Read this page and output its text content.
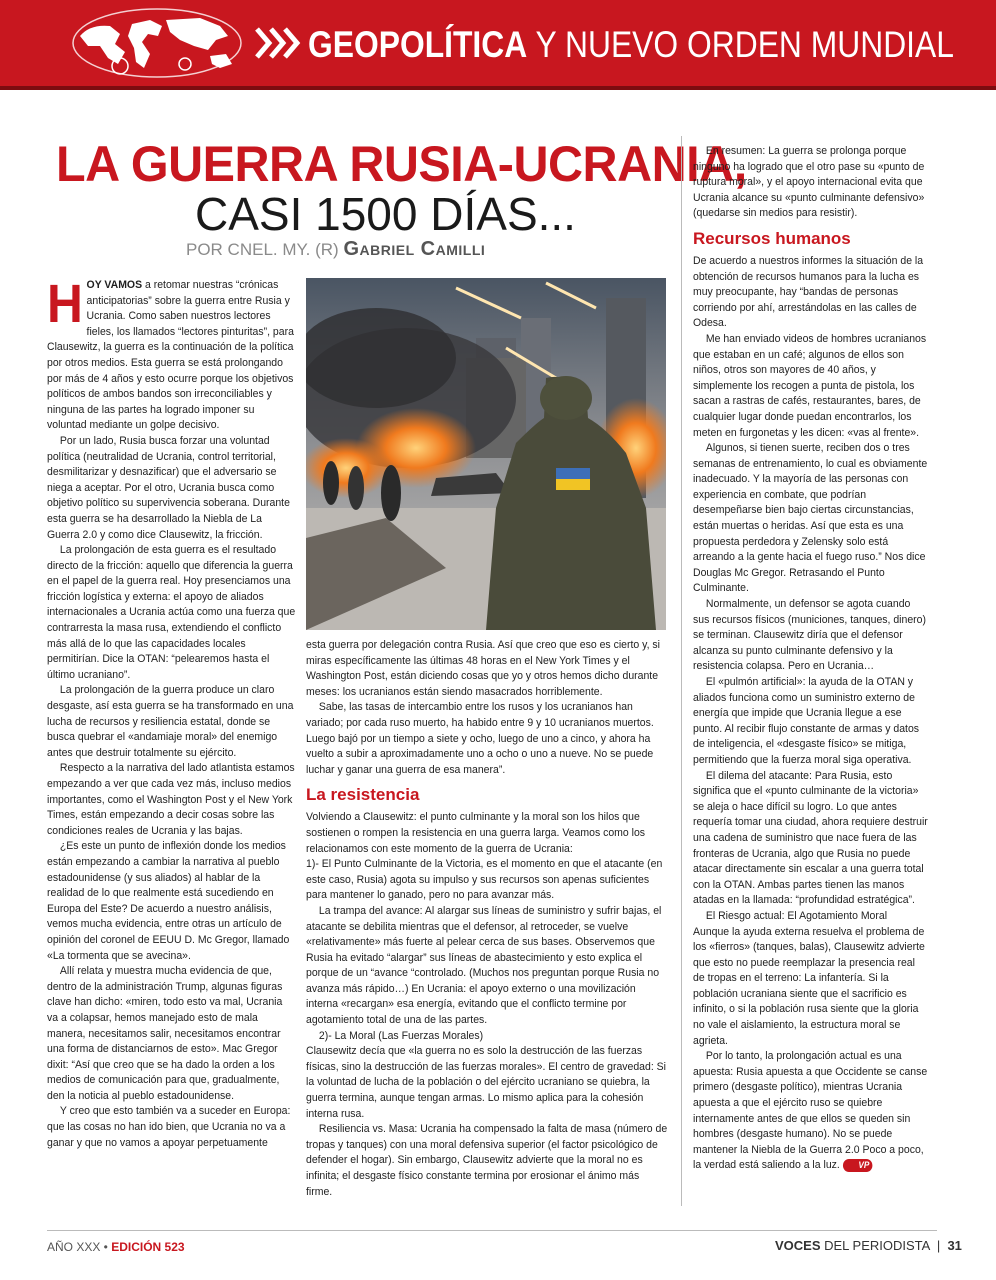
GEOPOLÍTICA Y NUEVO ORDEN MUNDIAL
LA GUERRA RUSIA-UCRANIA,
CASI 1500 DÍAS...
POR CNEL. MY. (R) Gabriel Camilli

HOY VAMOS a retomar nuestras “crónicas anticipatorias” sobre la guerra entre Rusia y Ucrania. Como saben nuestros lectores fieles, los llamados “lectores pinturitas”, para Clausewitz, la guerra es la continuación de la política por otros medios. Esta guerra se está prolongando por más de 4 años y esto ocurre porque los objetivos políticos de ambos bandos son irreconciliables y ninguna de las partes ha logrado imponer su voluntad mediante un golpe decisivo.

Por un lado, Rusia busca forzar una voluntad política (neutralidad de Ucrania, control territorial, desmilitarizar y desnazificar) que el adversario se niega a aceptar. Por el otro, Ucrania busca como objetivo político su supervivencia soberana. Durante esta guerra se ha desarrollado la Niebla de La Guerra 2.0 y como dice Clausewitz, la fricción.

La prolongación de esta guerra es el resultado directo de la fricción: aquello que diferencia la guerra en el papel de la guerra real. Hoy presenciamos una fricción logística y externa: el apoyo de aliados internacionales a Ucrania actúa como una fuerza que contrarresta la masa rusa, extendiendo el conflicto más allá de lo que las capacidades locales permitirían. Dice la OTAN: “pelearemos hasta el último ucraniano”.

La prolongación de la guerra produce un claro desgaste, así esta guerra se ha transformado en una lucha de recursos y resiliencia estatal, donde se busca quebrar el «andamiaje moral» del enemigo antes que destruir totalmente su ejército.

Respecto a la narrativa del lado atlantista estamos empezando a ver que cada vez más, incluso medios importantes, como el Washington Post y el New York Times, están empezando a decir cosas sobre las condiciones reales de Ucrania y las bajas.

¿Es este un punto de inflexión donde los medios están empezando a cambiar la narrativa al pueblo estadounidense (y sus aliados) al hablar de la realidad de lo que realmente está sucediendo en Europa del Este? De acuerdo a nuestro análisis, vemos mucha evidencia, entre otras un artículo de opinión del coronel de EEUU D. Mc Gregor, llamado «La tormenta que se avecina».

Allí relata y muestra mucha evidencia de que, dentro de la administración Trump, algunas figuras clave han dicho: «miren, todo esto va mal, Ucrania va a colapsar, hemos manejado esto de mala manera, necesitamos salir, necesitamos encontrar una forma de distanciarnos de esto». Mac Gregor dixit: “Así que creo que se ha dado la orden a los medios de comunicación para que, gradualmente, den la noticia al pueblo estadounidense.

Y creo que esto también va a suceder en Europa: que las cosas no han ido bien, que Ucrania no va a ganar y que no vamos a apoyar perpetuamente

esta guerra por delegación contra Rusia. Así que creo que eso es cierto y, si miras específicamente las últimas 48 horas en el New York Times y el Washington Post, están diciendo cosas que yo y otros hemos dicho durante meses: los ucranianos están siendo masacrados horriblemente.

Sabe, las tasas de intercambio entre los rusos y los ucranianos han variado; por cada ruso muerto, ha habido entre 9 y 10 ucranianos muertos. Luego bajó por un tiempo a siete y ocho, luego de uno a cinco, y ahora ha vuelto a subir a aproximadamente uno a ocho o uno a nueve. No se puede luchar y ganar una guerra de esa manera”.

La resistencia

Volviendo a Clausewitz: el punto culminante y la moral son los hilos que sostienen o rompen la resistencia en una guerra larga. Veamos como los relacionamos con este momento de la guerra de Ucrania:

1)- El Punto Culminante de la Victoria, es el momento en que el atacante (en este caso, Rusia) agota su impulso y sus recursos son apenas suficientes para mantener lo ganado, pero no para avanzar más.

La trampa del avance: Al alargar sus líneas de suministro y sufrir bajas, el atacante se debilita mientras que el defensor, al retroceder, se vuelve «relativamente» más fuerte al pelear cerca de sus bases. Observemos que Rusia ha evitado “alargar” sus líneas de abastecimiento y esto explica el porque de un “avance “controlado. (Muchos nos preguntan porque Rusia no avanza más rápido…) En Ucrania: el apoyo externo o una movilización interna «recargan» esa energía, evitando que el conflicto termine por agotamiento total de una de las partes.

2)- La Moral (Las Fuerzas Morales)

Clausewitz decía que «la guerra no es solo la destrucción de las fuerzas físicas, sino la destrucción de las fuerzas morales». El centro de gravedad: Si la voluntad de lucha de la población o del ejército ucraniano se quiebra, la guerra termina, aunque tengan armas. Lo mismo aplica para la cohesión interna rusa.

Resiliencia vs. Masa: Ucrania ha compensado la falta de masa (número de tropas y tanques) con una moral defensiva superior (el factor psicológico de defender el hogar). Sin embargo, Clausewitz advierte que la moral no es infinita; el desgaste físico constante termina por erosionar el ánimo más firme.

En resumen: La guerra se prolonga porque ninguno ha logrado que el otro pase su «punto de ruptura moral», y el apoyo internacional evita que Ucrania alcance su «punto culminante defensivo» (quedarse sin medios para resistir).

Recursos humanos

De acuerdo a nuestros informes la situación de la obtención de recursos humanos para la lucha es muy preocupante, hay “bandas de personas corriendo por ahí, arrestándolas en las calles de Odesa.

Me han enviado videos de hombres ucranianos que estaban en un café; algunos de ellos son niños, otros son mayores de 40 años, y simplemente los recogen a punta de pistola, los sacan a rastras de cafés, restaurantes, bares, de cualquier lugar donde puedan encontrarlos, los meten en furgonetas y les dicen: «vas al frente».

Algunos, si tienen suerte, reciben dos o tres semanas de entrenamiento, lo cual es obviamente inadecuado. Y la mayoría de las personas con experiencia en combate, que podrían desempeñarse bien bajo ciertas circunstancias, están muertas o heridas. Así que esta es una propuesta perdedora y Zelensky solo está arreando a la gente hacia el fuego ruso.” Nos dice Douglas Mc Gregor. Retrasando el Punto Culminante.

Normalmente, un defensor se agota cuando sus recursos físicos (municiones, tanques, dinero) se terminan. Clausewitz diría que el defensor alcanza su punto culminante defensivo y la resistencia colapsa. Pero en Ucrania…

El «pulmón artificial»: la ayuda de la OTAN y aliados funciona como un suministro externo de energía que impide que Ucrania llegue a ese punto. Al recibir flujo constante de armas y datos de inteligencia, el «desgaste físico» se mitiga, permitiendo que la fuerza moral siga operativa.

El dilema del atacante: Para Rusia, esto significa que el «punto culminante de la victoria» se aleja o hace difícil su logro. Lo que antes requería tomar una ciudad, ahora requiere destruir una cadena de suministro que nace fuera de las fronteras de Ucrania, algo que Rusia no puede atacar directamente sin escalar a una guerra total con la OTAN. Ambas partes tienen las manos atadas en la llamada: “profundidad estratégica”.

El Riesgo actual: El Agotamiento Moral

Aunque la ayuda externa resuelva el problema de los «fierros» (tanques, balas), Clausewitz advierte que esto no puede reemplazar la presencia real de tropas en el terreno: La infantería. Si la población ucraniana siente que el sacrificio es infinito, o si la población rusa siente que la gloria no vale el aislamiento, la estructura moral se agrieta.

Por lo tanto, la prolongación actual es una apuesta: Rusia apuesta a que Occidente se canse primero (desgaste político), mientras Ucrania apuesta a que el ejército ruso se quiebre internamente antes de que ellos se queden sin hombres (desgaste humano). No se puede mantener la Niebla de la Guerra 2.0 Poco a poco, la verdad está saliendo a la luz. VP

AÑO XXX • EDICIÓN 523	VOCES DEL PERIODISTA  |  31
